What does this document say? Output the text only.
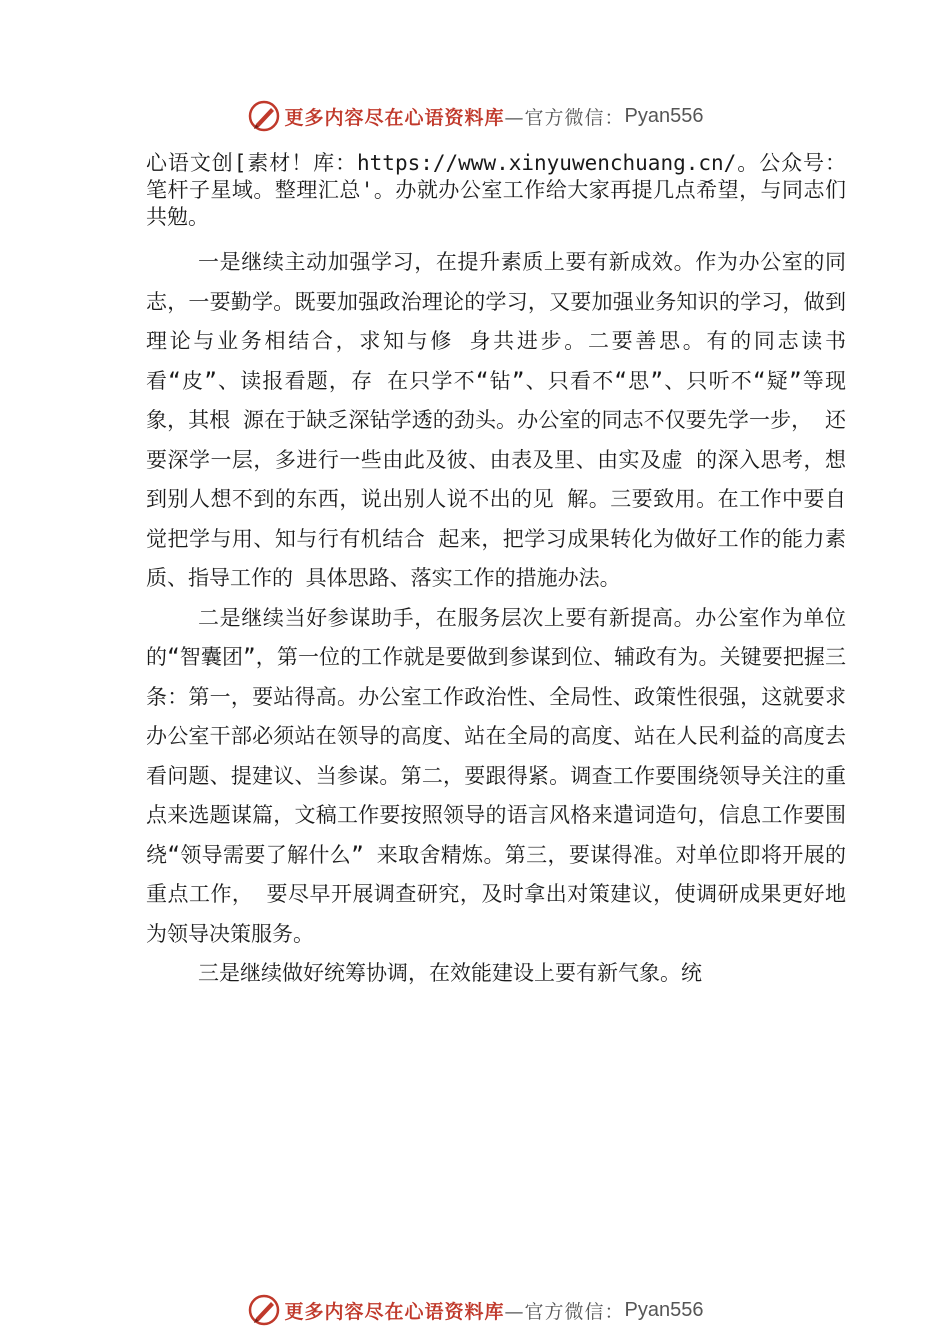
更多内容尽在心语资料库 —官方微信： Pyan556

心语文创[素材！库：https://www.xinyuwenchuang.cn/。公众号：笔杆子星域。整理汇总'。办就办公室工作给大家再提几点希望，与同志们共勉。

一是继续主动加强学习，在提升素质上要有新成效。作为办公室的同志，一要勤学。既要加强政治理论的学习，又要加强业务知识的学习，做到理论与业务相结合，求知与修 身共进步。二要善思。有的同志读书看“皮”、读报看题，存 在只学不“钻”、只看不“思”、只听不“疑”等现象，其根 源在于缺乏深钻学透的劲头。办公室的同志不仅要先学一步， 还要深学一层，多进行一些由此及彼、由表及里、由实及虚 的深入思考，想到别人想不到的东西，说出别人说不出的见 解。三要致用。在工作中要自觉把学与用、知与行有机结合 起来，把学习成果转化为做好工作的能力素质、指导工作的 具体思路、落实工作的措施办法。

二是继续当好参谋助手，在服务层次上要有新提高。办公室作为单位的“智囊团”，第一位的工作就是要做到参谋到位、辅政有为。关键要把握三条：第一，要站得高。办公室工作政治性、全局性、政策性很强，这就要求办公室干部必须站在领导的高度、站在全局的高度、站在人民利益的高度去看问题、提建议、当参谋。第二，要跟得紧。调查工作要围绕领导关注的重点来选题谋篇，文稿工作要按照领导的语言风格来遣词造句，信息工作要围绕“领导需要了解什么” 来取舍精炼。第三，要谋得准。对单位即将开展的重点工作， 要尽早开展调查研究，及时拿出对策建议，使调研成果更好地为领导决策服务。

三是继续做好统筹协调，在效能建设上要有新气象。统

更多内容尽在心语资料库 —官方微信： Pyan556
